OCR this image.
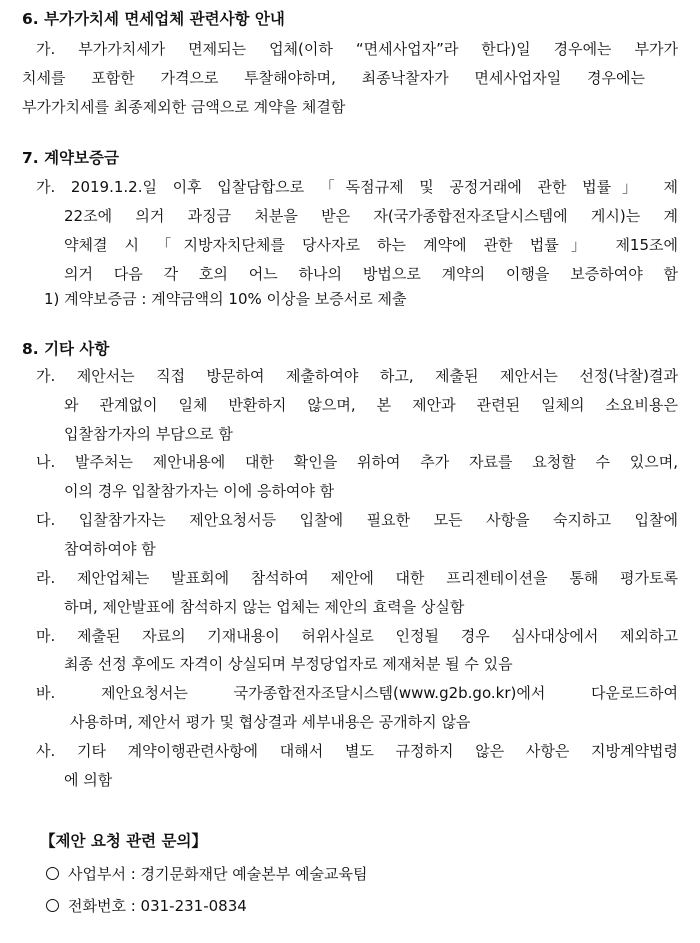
6. 부가가치세 면세업체 관련사항 안내
가. 부가가치세가 면제되는 업체(이하 “면세사업자”라 한다)일 경우에는 부가가
치세를 포함한 가격으로 투찰해야하며, 최종낙찰자가 면세사업자일 경우에는
부가가치세를 최종제외한 금액으로 계약을 체결함
7. 계약보증금
가. 2019.1.2.일 이후 입찰담합으로 「독점규제 및 공정거래에 관한 법률」 제
22조에 의거 과징금 처분을 받은 자(국가종합전자조달시스템에 게시)는 계
약체결 시 「지방자치단체를 당사자로 하는 계약에 관한 법률」 제15조에
의거 다음 각 호의 어느 하나의 방법으로 계약의 이행을 보증하여야 함
1) 계약보증금 : 계약금액의 10% 이상을 보증서로 제출
8. 기타 사항
가. 제안서는 직접 방문하여 제출하여야 하고, 제출된 제안서는 선정(낙찰)결과
와 관계없이 일체 반환하지 않으며, 본 제안과 관련된 일체의 소요비용은
입찰참가자의 부담으로 함
나. 발주처는 제안내용에 대한 확인을 위하여 추가 자료를 요청할 수 있으며,
이의 경우 입찰참가자는 이에 응하여야 함
다. 입찰참가자는 제안요청서등 입찰에 필요한 모든 사항을 숙지하고 입찰에
참여하여야 함
라. 제안업체는 발표회에 참석하여 제안에 대한 프리젠테이션을 통해 평가토록
하며, 제안발표에 참석하지 않는 업체는 제안의 효력을 상실함
마. 제출된 자료의 기재내용이 허위사실로 인정될 경우 심사대상에서 제외하고
최종 선정 후에도 자격이 상실되며 부정당업자로 제재처분 될 수 있음
바. 제안요청서는 국가종합전자조달시스템(www.g2b.go.kr)에서 다운로드하여
사용하며, 제안서 평가 및 협상결과 세부내용은 공개하지 않음
사. 기타 계약이행관련사항에 대해서 별도 규정하지 않은 사항은 지방계약법령
에 의함
【제안 요청 관련 문의】
사업부서 : 경기문화재단 예술본부 예술교육팀
전화번호 : 031-231-0834
